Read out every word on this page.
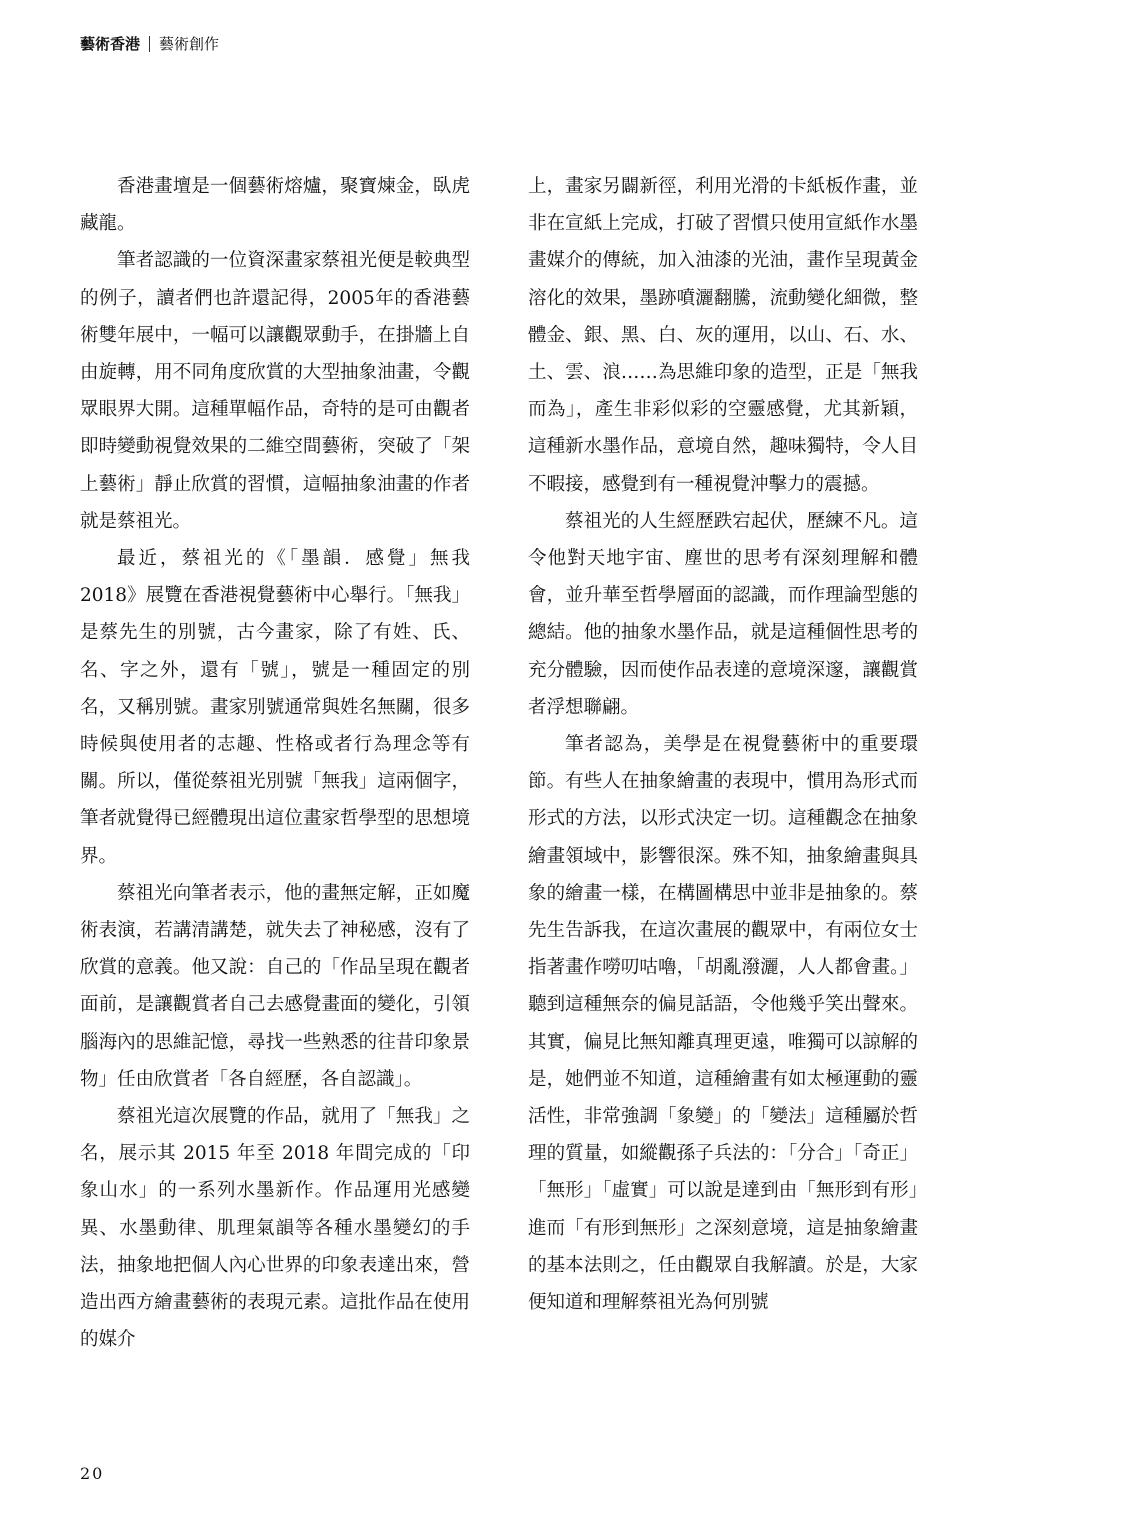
藝術香港 藝術創作

香港畫壇是一個藝術熔爐，聚寶煉金，臥虎藏龍。

筆者認識的一位資深畫家蔡祖光便是較典型的例子，讀者們也許還記得，2005年的香港藝術雙年展中，一幅可以讓觀眾動手，在掛牆上自由旋轉，用不同角度欣賞的大型抽象油畫，令觀眾眼界大開。這種單幅作品，奇特的是可由觀者即時變動視覺效果的二維空間藝術，突破了「架上藝術」靜止欣賞的習慣，這幅抽象油畫的作者就是蔡祖光。

最近，蔡祖光的《「墨韻．感覺」無我 2018》展覽在香港視覺藝術中心舉行。「無我」是蔡先生的別號，古今畫家，除了有姓、氏、名、字之外，還有「號」，號是一種固定的別名，又稱別號。畫家別號通常與姓名無關，很多時候與使用者的志趣、性格或者行為理念等有關。所以，僅從蔡祖光別號「無我」這兩個字，筆者就覺得已經體現出這位畫家哲學型的思想境界。

蔡祖光向筆者表示，他的畫無定解，正如魔術表演，若講清講楚，就失去了神秘感，沒有了欣賞的意義。他又說：自己的「作品呈現在觀者面前，是讓觀賞者自己去感覺畫面的變化，引領腦海內的思維記憶，尋找一些熟悉的往昔印象景物」任由欣賞者「各自經歷，各自認識」。

蔡祖光這次展覽的作品，就用了「無我」之名，展示其 2015 年至 2018 年間完成的「印象山水」的一系列水墨新作。作品運用光感變異、水墨動律、肌理氣韻等各種水墨變幻的手法，抽象地把個人內心世界的印象表達出來，營造出西方繪畫藝術的表現元素。這批作品在使用的媒介

上，畫家另闢新徑，利用光滑的卡紙板作畫，並非在宣紙上完成，打破了習慣只使用宣紙作水墨畫媒介的傳統，加入油漆的光油，畫作呈現黃金溶化的效果，墨跡噴灑翻騰，流動變化細微，整體金、銀、黑、白、灰的運用，以山、石、水、土、雲、浪……為思維印象的造型，正是「無我而為」，產生非彩似彩的空靈感覺，尤其新穎，這種新水墨作品，意境自然，趣味獨特，令人目不暇接，感覺到有一種視覺沖擊力的震撼。

蔡祖光的人生經歷跌宕起伏，歷練不凡。這令他對天地宇宙、塵世的思考有深刻理解和體會，並升華至哲學層面的認識，而作理論型態的總結。他的抽象水墨作品，就是這種個性思考的充分體驗，因而使作品表達的意境深邃，讓觀賞者浮想聯翩。

筆者認為，美學是在視覺藝術中的重要環節。有些人在抽象繪畫的表現中，慣用為形式而形式的方法，以形式決定一切。這種觀念在抽象繪畫領域中，影響很深。殊不知，抽象繪畫與具象的繪畫一樣，在構圖構思中並非是抽象的。蔡先生告訴我，在這次畫展的觀眾中，有兩位女士指著畫作嘮叨咕嚕，「胡亂潑灑，人人都會畫。」聽到這種無奈的偏見話語，令他幾乎笑出聲來。其實，偏見比無知離真理更遠，唯獨可以諒解的是，她們並不知道，這種繪畫有如太極運動的靈活性，非常強調「象變」的「變法」這種屬於哲理的質量，如縱觀孫子兵法的：「分合」「奇正」「無形」「虛實」可以說是達到由「無形到有形」進而「有形到無形」之深刻意境，這是抽象繪畫的基本法則之，任由觀眾自我解讀。於是，大家便知道和理解蔡祖光為何別號

20
